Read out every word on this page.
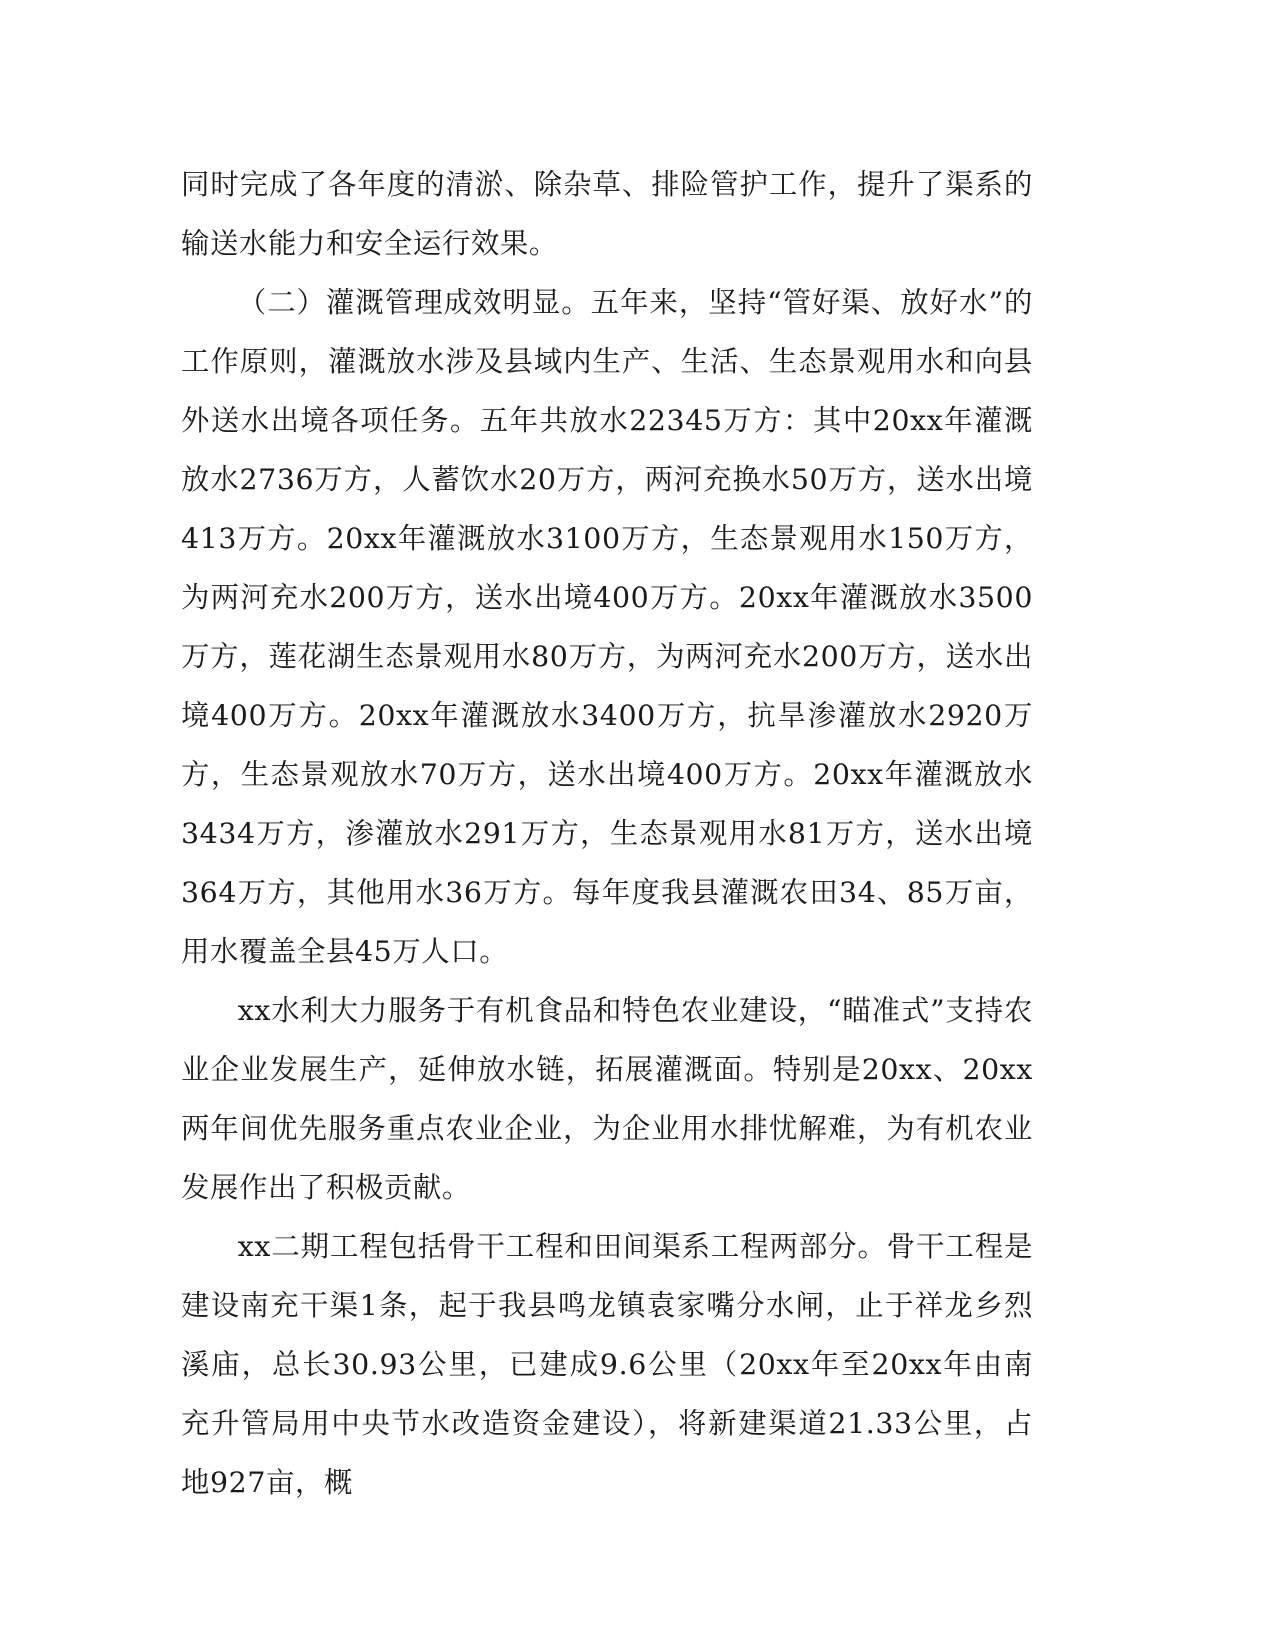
同时完成了各年度的清淤、除杂草、排险管护工作，提升了渠系的输送水能力和安全运行效果。

（二）灌溉管理成效明显。五年来，坚持“管好渠、放好水”的工作原则，灌溉放水涉及县域内生产、生活、生态景观用水和向县外送水出境各项任务。五年共放水22345万方：其中20xx年灌溉放水2736万方，人蓄饮水20万方，两河充换水50万方，送水出境413万方。20xx年灌溉放水3100万方，生态景观用水150万方，为两河充水200万方，送水出境400万方。20xx年灌溉放水3500万方，莲花湖生态景观用水80万方，为两河充水200万方，送水出境400万方。20xx年灌溉放水3400万方，抗旱渗灌放水2920万方，生态景观放水70万方，送水出境400万方。20xx年灌溉放水3434万方，渗灌放水291万方，生态景观用水81万方，送水出境364万方，其他用水36万方。每年度我县灌溉农田34、85万亩，用水覆盖全县45万人口。

xx水利大力服务于有机食品和特色农业建设，“瞄准式”支持农业企业发展生产，延伸放水链，拓展灌溉面。特别是20xx、20xx两年间优先服务重点农业企业，为企业用水排忧解难，为有机农业发展作出了积极贡献。

xx二期工程包括骨干工程和田间渠系工程两部分。骨干工程是建设南充干渠1条，起于我县鸣龙镇袁家嘴分水闸，止于祥龙乡烈溪庙，总长30.93公里，已建成9.6公里（20xx年至20xx年由南充升管局用中央节水改造资金建设），将新建渠道21.33公里，占地927亩，概
